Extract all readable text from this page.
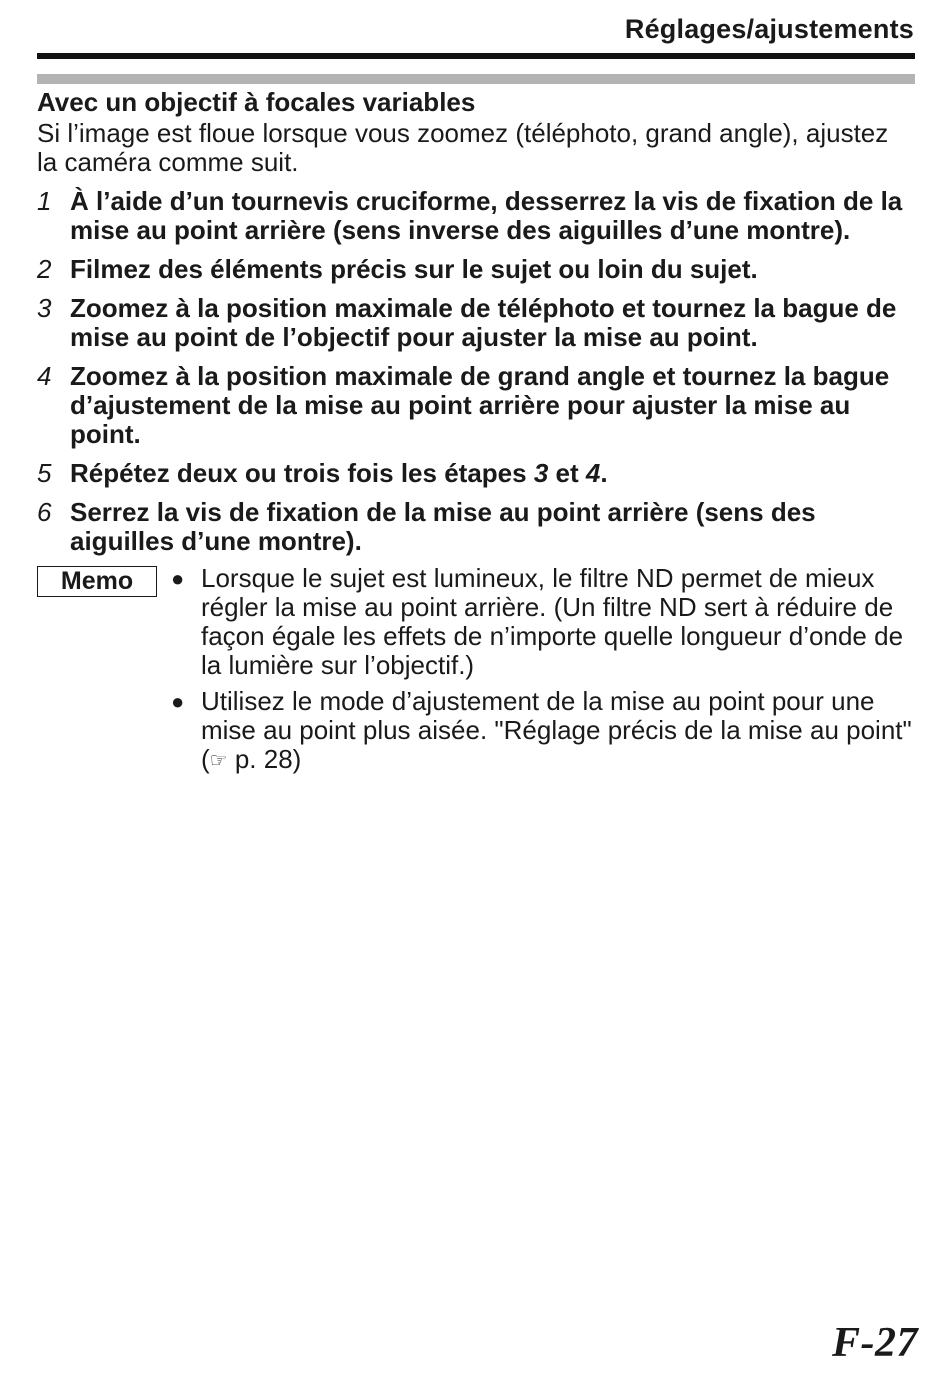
Réglages/ajustements

Avec un objectif à focales variables

Si l’image est floue lorsque vous zoomez (téléphoto, grand angle), ajustez la caméra comme suit.

1 À l’aide d’un tournevis cruciforme, desserrez la vis de fixation de la mise au point arrière (sens inverse des aiguilles d’une montre).
2 Filmez des éléments précis sur le sujet ou loin du sujet.
3 Zoomez à la position maximale de téléphoto et tournez la bague de mise au point de l’objectif pour ajuster la mise au point.
4 Zoomez à la position maximale de grand angle et tournez la bague d’ajustement de la mise au point arrière pour ajuster la mise au point.
5 Répétez deux ou trois fois les étapes 3 et 4.
6 Serrez la vis de fixation de la mise au point arrière (sens des aiguilles d’une montre).
Memo	● Lorsque le sujet est lumineux, le filtre ND permet de mieux régler la mise au point arrière. (Un filtre ND sert à réduire de façon égale les effets de n’importe quelle longueur d’onde de la lumière sur l’objectif.)
● Utilisez le mode d’ajustement de la mise au point pour une mise au point plus aisée. "Réglage précis de la mise au point" (☞ p. 28)
F-27
